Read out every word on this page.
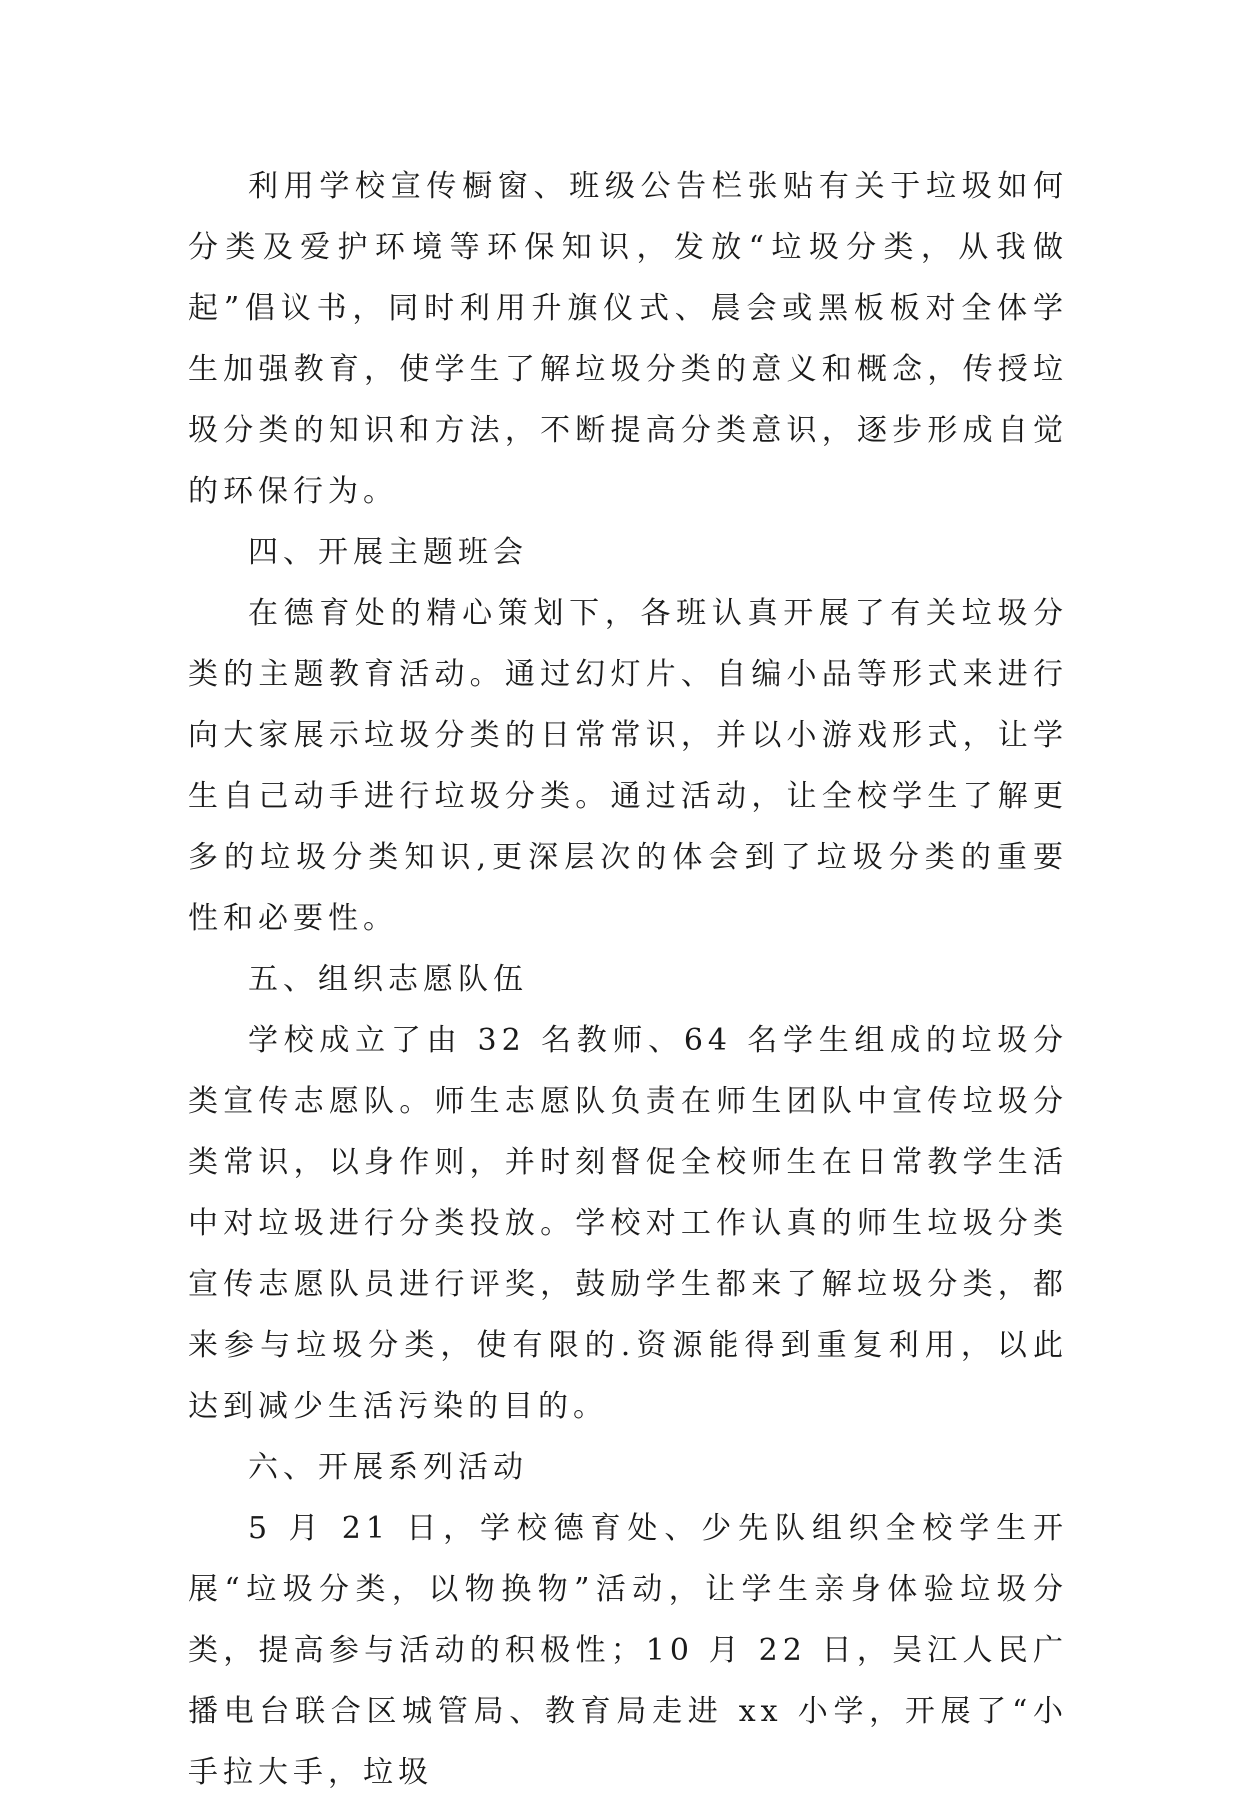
利用学校宣传橱窗、班级公告栏张贴有关于垃圾如何分类及爱护环境等环保知识，发放“垃圾分类，从我做起”倡议书，同时利用升旗仪式、晨会或黑板板对全体学生加强教育，使学生了解垃圾分类的意义和概念，传授垃圾分类的知识和方法，不断提高分类意识，逐步形成自觉的环保行为。

四、开展主题班会

在德育处的精心策划下，各班认真开展了有关垃圾分类的主题教育活动。通过幻灯片、自编小品等形式来进行向大家展示垃圾分类的日常常识，并以小游戏形式，让学生自己动手进行垃圾分类。通过活动，让全校学生了解更多的垃圾分类知识,更深层次的体会到了垃圾分类的重要性和必要性。

五、组织志愿队伍

学校成立了由 32 名教师、64 名学生组成的垃圾分类宣传志愿队。师生志愿队负责在师生团队中宣传垃圾分类常识，以身作则，并时刻督促全校师生在日常教学生活中对垃圾进行分类投放。学校对工作认真的师生垃圾分类宣传志愿队员进行评奖，鼓励学生都来了解垃圾分类，都来参与垃圾分类，使有限的.资源能得到重复利用，以此达到减少生活污染的目的。

六、开展系列活动

5 月 21 日，学校德育处、少先队组织全校学生开展“垃圾分类，以物换物”活动，让学生亲身体验垃圾分类，提高参与活动的积极性；10 月 22 日，吴江人民广播电台联合区城管局、教育局走进 xx 小学，开展了“小手拉大手，垃圾
